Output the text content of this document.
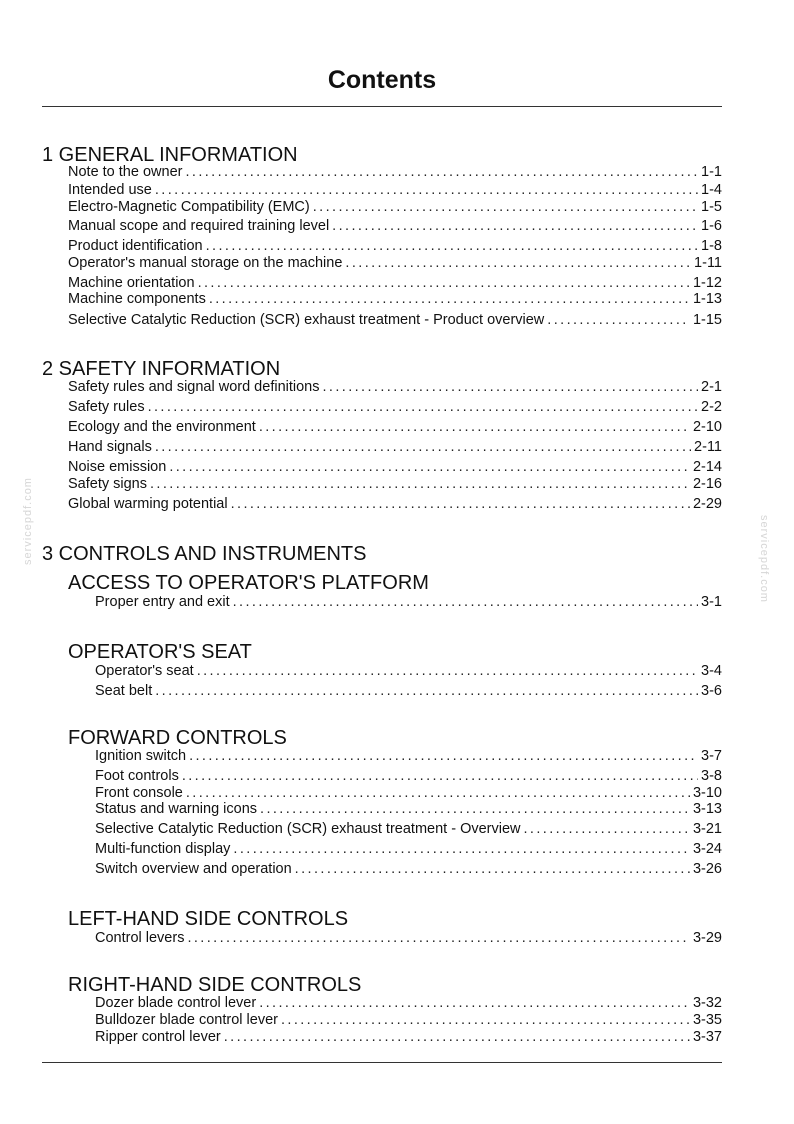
Contents
1 GENERAL INFORMATION
Note to the owner .....	1-1
Intended use .....	1-4
Electro-Magnetic Compatibility (EMC) .....	1-5
Manual scope and required training level .....	1-6
Product identification .....	1-8
Operator's manual storage on the machine .....	1-11
Machine orientation .....	1-12
Machine components .....	1-13
Selective Catalytic Reduction (SCR) exhaust treatment - Product overview .....	1-15
2 SAFETY INFORMATION
Safety rules and signal word definitions .....	2-1
Safety rules .....	2-2
Ecology and the environment .....	2-10
Hand signals .....	2-11
Noise emission .....	2-14
Safety signs .....	2-16
Global warming potential .....	2-29
3 CONTROLS AND INSTRUMENTS
ACCESS TO OPERATOR'S PLATFORM
Proper entry and exit .....	3-1
OPERATOR'S SEAT
Operator's seat .....	3-4
Seat belt .....	3-6
FORWARD CONTROLS
Ignition switch .....	3-7
Foot controls .....	3-8
Front console .....	3-10
Status and warning icons .....	3-13
Selective Catalytic Reduction (SCR) exhaust treatment - Overview .....	3-21
Multi-function display .....	3-24
Switch overview and operation .....	3-26
LEFT-HAND SIDE CONTROLS
Control levers .....	3-29
RIGHT-HAND SIDE CONTROLS
Dozer blade control lever .....	3-32
Bulldozer blade control lever .....	3-35
Ripper control lever .....	3-37
servicepdf.com	servicepdf.com
